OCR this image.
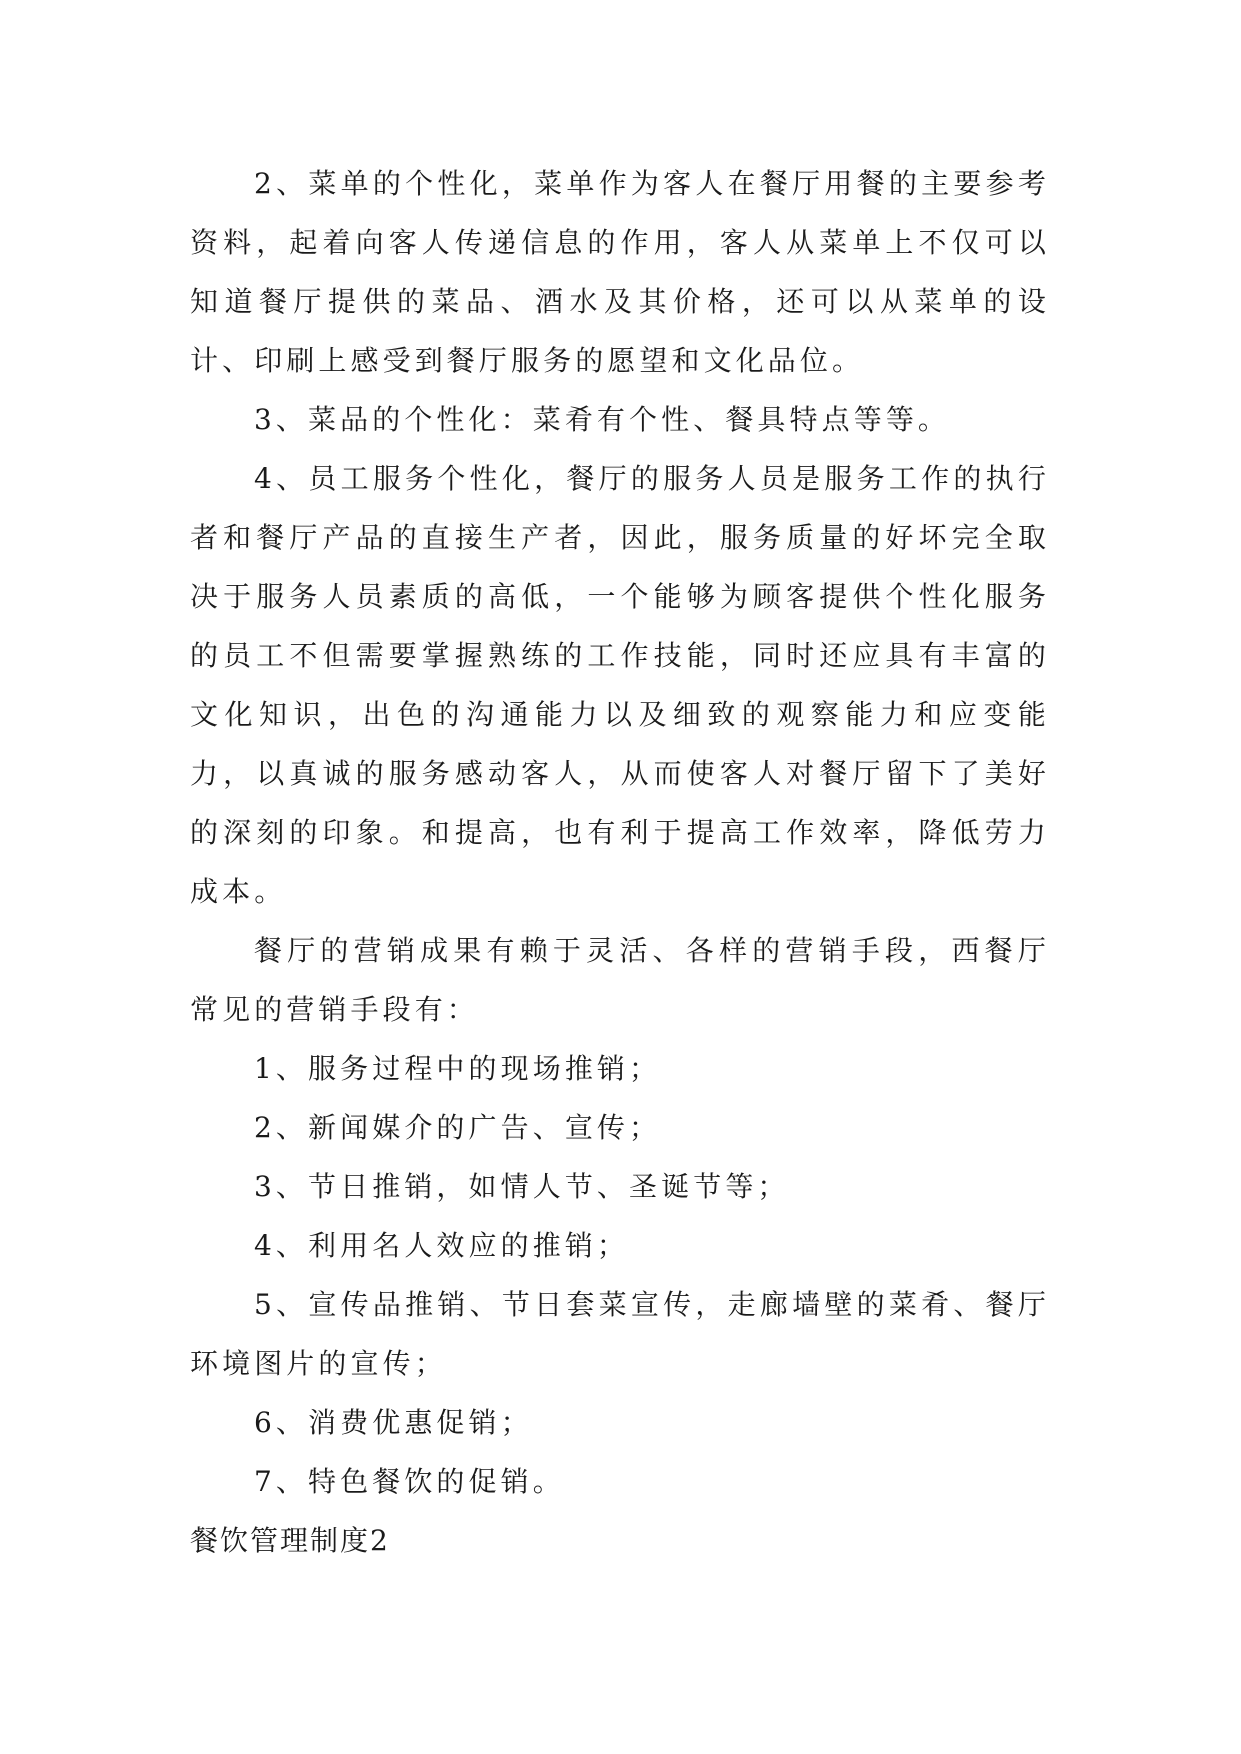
2、菜单的个性化，菜单作为客人在餐厅用餐的主要参考资料，起着向客人传递信息的作用，客人从菜单上不仅可以知道餐厅提供的菜品、酒水及其价格，还可以从菜单的设计、印刷上感受到餐厅服务的愿望和文化品位。

3、菜品的个性化：菜肴有个性、餐具特点等等。

4、员工服务个性化，餐厅的服务人员是服务工作的执行者和餐厅产品的直接生产者，因此，服务质量的好坏完全取决于服务人员素质的高低，一个能够为顾客提供个性化服务的员工不但需要掌握熟练的工作技能，同时还应具有丰富的文化知识，出色的沟通能力以及细致的观察能力和应变能力，以真诚的服务感动客人，从而使客人对餐厅留下了美好的深刻的印象。和提高，也有利于提高工作效率，降低劳力成本。

餐厅的营销成果有赖于灵活、各样的营销手段，西餐厅常见的营销手段有：

1、服务过程中的现场推销；

2、新闻媒介的广告、宣传；

3、节日推销，如情人节、圣诞节等；

4、利用名人效应的推销；

5、宣传品推销、节日套菜宣传，走廊墙壁的菜肴、餐厅环境图片的宣传；

6、消费优惠促销；

7、特色餐饮的促销。

餐饮管理制度2
